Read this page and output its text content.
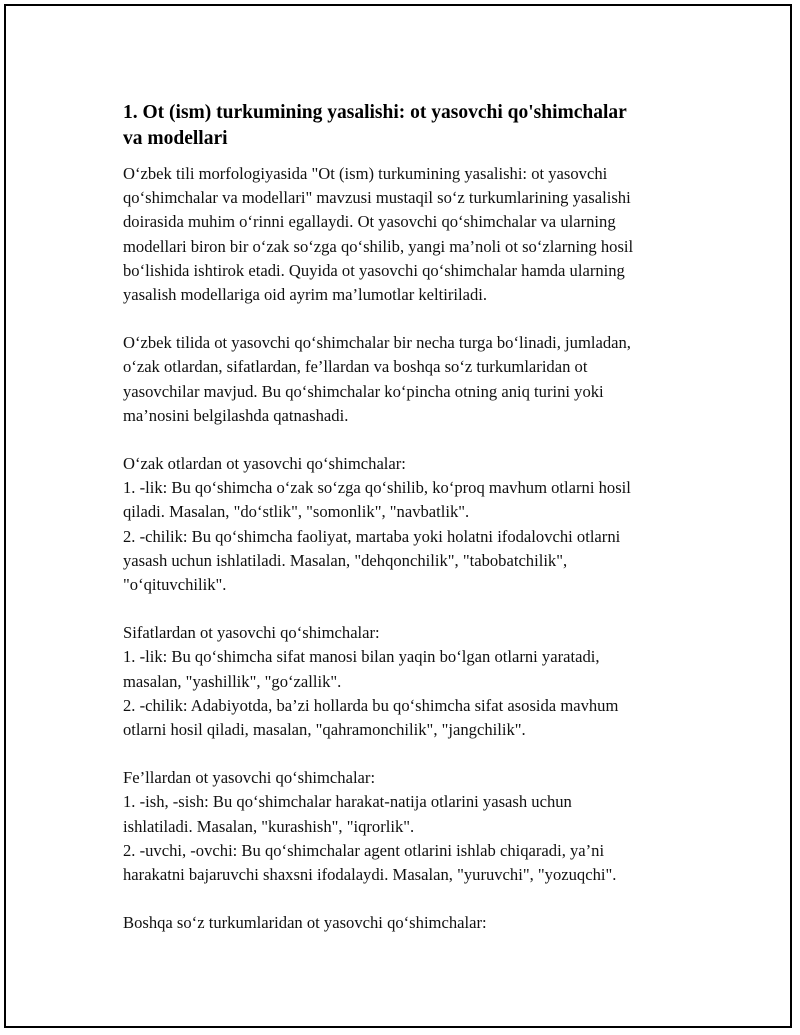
1. Ot (ism) turkumining yasalishi: ot yasovchi qo'shimchalar
va modellari
O‘zbek tili morfologiyasida "Ot (ism) turkumining yasalishi: ot yasovchi
qo‘shimchalar va modellari" mavzusi mustaqil so‘z turkumlarining yasalishi
doirasida muhim o‘rinni egallaydi. Ot yasovchi qo‘shimchalar va ularning
modellari biron bir o‘zak so‘zga qo‘shilib, yangi ma’noli ot so‘zlarning hosil
bo‘lishida ishtirok etadi. Quyida ot yasovchi qo‘shimchalar hamda ularning
yasalish modellariga oid ayrim ma’lumotlar keltiriladi.
O‘zbek tilida ot yasovchi qo‘shimchalar bir necha turga bo‘linadi, jumladan,
o‘zak otlardan, sifatlardan, fe’llardan va boshqa so‘z turkumlaridan ot
yasovchilar mavjud. Bu qo‘shimchalar ko‘pincha otning aniq turini yoki
ma’nosini belgilashda qatnashadi.
O‘zak otlardan ot yasovchi qo‘shimchalar:
1. -lik: Bu qo‘shimcha o‘zak so‘zga qo‘shilib, ko‘proq mavhum otlarni hosil
qiladi. Masalan, "do‘stlik", "somonlik", "navbatlik".
2. -chilik: Bu qo‘shimcha faoliyat, martaba yoki holatni ifodalovchi otlarni
yasash uchun ishlatiladi. Masalan, "dehqonchilik", "tabobatchilik",
"o‘qituvchilik".
Sifatlardan ot yasovchi qo‘shimchalar:
1. -lik: Bu qo‘shimcha sifat manosi bilan yaqin bo‘lgan otlarni yaratadi,
masalan, "yashillik", "go‘zallik".
2. -chilik: Adabiyotda, ba’zi hollarda bu qo‘shimcha sifat asosida mavhum
otlarni hosil qiladi, masalan, "qahramonchilik", "jangchilik".
Fe’llardan ot yasovchi qo‘shimchalar:
1. -ish, -sish: Bu qo‘shimchalar harakat-natija otlarini yasash uchun
ishlatiladi. Masalan, "kurashish", "iqrorlik".
2. -uvchi, -ovchi: Bu qo‘shimchalar agent otlarini ishlab chiqaradi, ya’ni
harakatni bajaruvchi shaxsni ifodalaydi. Masalan, "yuruvchi", "yozuqchi".
Boshqa so‘z turkumlaridan ot yasovchi qo‘shimchalar:
